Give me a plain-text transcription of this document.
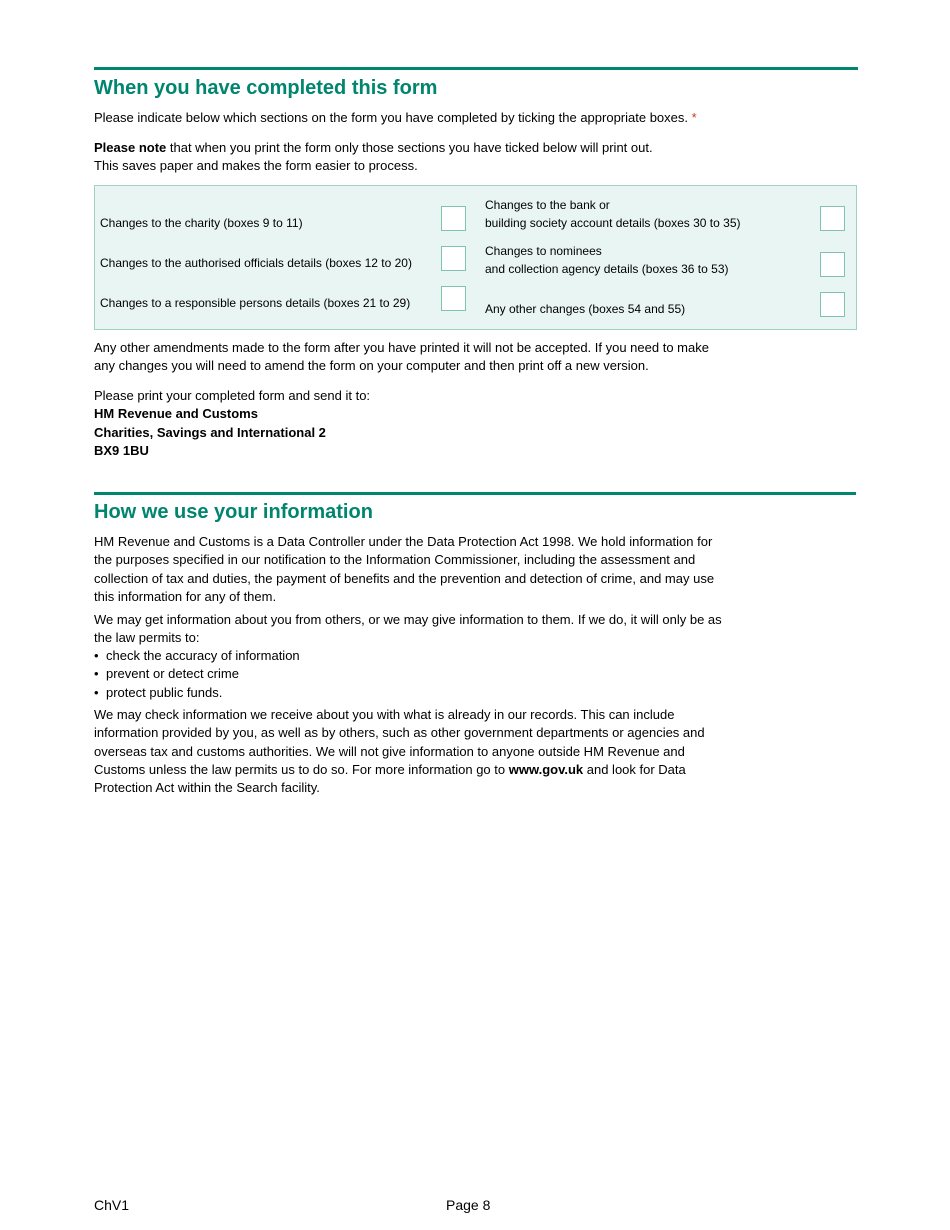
When you have completed this form

Please indicate below which sections on the form you have completed by ticking the appropriate boxes. *

Please note that when you print the form only those sections you have ticked below will print out.
This saves paper and makes the form easier to process.

Changes to the charity (boxes 9 to 11)
Changes to the authorised officials details (boxes 12 to 20)
Changes to a responsible persons details (boxes 21 to 29)
Changes to the bank or
building society account details (boxes 30 to 35)
Changes to nominees
and collection agency details (boxes 36 to 53)
Any other changes (boxes 54 and 55)

Any other amendments made to the form after you have printed it will not be accepted. If you need to make
any changes you will need to amend the form on your computer and then print off a new version.

Please print your completed form and send it to:
HM Revenue and Customs
Charities, Savings and International 2
BX9 1BU

How we use your information

HM Revenue and Customs is a Data Controller under the Data Protection Act 1998. We hold information for
the purposes specified in our notification to the Information Commissioner, including the assessment and
collection of tax and duties, the payment of benefits and the prevention and detection of crime, and may use
this information for any of them.

We may get information about you from others, or we may give information to them. If we do, it will only be as
the law permits to:

• check the accuracy of information
• prevent or detect crime
• protect public funds.

We may check information we receive about you with what is already in our records. This can include
information provided by you, as well as by others, such as other government departments or agencies and
overseas tax and customs authorities. We will not give information to anyone outside HM Revenue and
Customs unless the law permits us to do so. For more information go to www.gov.uk and look for Data
Protection Act within the Search facility.

ChV1	Page 8
